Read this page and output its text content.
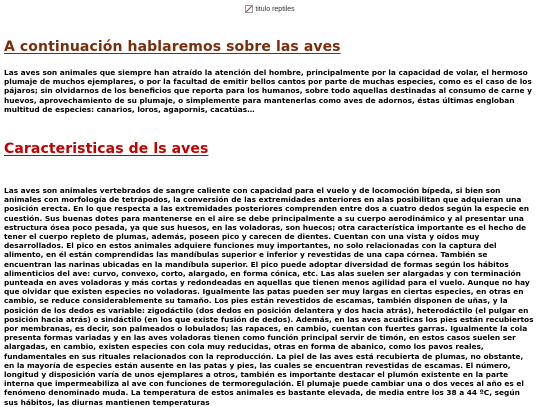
titulo reptiles
A continuación hablaremos sobre las aves

Las aves son animales que siempre han atraído la atención del hombre, principalmente por la capacidad de volar, el hermoso plumaje de muchos ejemplares, o por la facultad de emitir bellos cantos por parte de muchas especies, como es el caso de los pájaros; sin olvidarnos de los beneficios que reporta para los humanos, sobre todo aquellas destinadas al consumo de carne y huevos, aprovechamiento de su plumaje, o simplemente para mantenerlas como aves de adornos, éstas últimas engloban multitud de especies: canarios, loros, agapornis, cacatúas…

Caracteristicas de ls aves

Las aves son animales vertebrados de sangre caliente con capacidad para el vuelo y de locomoción bípeda, si bien son animales con morfología de tetrápodos, la conversión de las extremidades anteriores en alas posibilitan que adquieran una posición erecta. En lo que respecta a las extremidades posteriores comprenden entre dos a cuatro dedos según la especie en cuestión. Sus buenas dotes para mantenerse en el aire se debe principalmente a su cuerpo aerodinámico y al presentar una estructura ósea poco pesada, ya que sus huesos, en las voladoras, son huecos; otra característica importante es el hecho de tener el cuerpo repleto de plumas, además, poseen pico y carecen de dientes. Cuentan con una vista y oídos muy desarrollados. El pico en estos animales adquiere funciones muy importantes, no solo relacionadas con la captura del alimento, en él están comprendidas las mandíbulas superior e inferior y revestidas de una capa córnea. También se encuentran las narinas ubicadas en la mandíbula superior. El pico puede adoptar diversidad de formas según los hábitos alimenticios del ave: curvo, convexo, corto, alargado, en forma cónica, etc. Las alas suelen ser alargadas y con terminación punteada en aves voladoras y más cortas y redondeadas en aquellas que tienen menos agilidad para el vuelo. Aunque no hay que olvidar que existen especies no voladoras. Igualmente las patas pueden ser muy largas en ciertas especies, en otras en cambio, se reduce considerablemente su tamaño. Los pies están revestidos de escamas, también disponen de uñas, y la posición de los dedos es variable: zigodáctilo (dos dedos en posición delantera y dos hacia atrás), heterodáctilo (el pulgar en posición hacia atrás) o sindáctilo (en los que existe fusión de dedos). Además, en las aves acuáticas los pies están recubiertos por membranas, es decir, son palmeados o lobulados; las rapaces, en cambio, cuentan con fuertes garras. Igualmente la cola presenta formas variadas y en las aves voladoras tienen como función principal servir de timón, en estos casos suelen ser alargadas, en cambio, existen especies con cola muy reducidas, otras en forma de abanico, como los pavos reales, fundamentales en sus rituales relacionados con la reproducción. La piel de las aves está recubierta de plumas, no obstante, en la mayoría de especies están ausente en las patas y pies, las cuales se encuentran revestidas de escamas. El número, longitud y disposición varía de unos ejemplares a otros, también es importante destacar el plumón existente en la parte interna que impermeabiliza al ave con funciones de termoregulación. El plumaje puede cambiar una o dos veces al año es el fenómeno denominado muda. La temperatura de estos animales es bastante elevada, de media entre los 38 a 44 ºC, según sus hábitos, las diurnas mantienen temperaturas
